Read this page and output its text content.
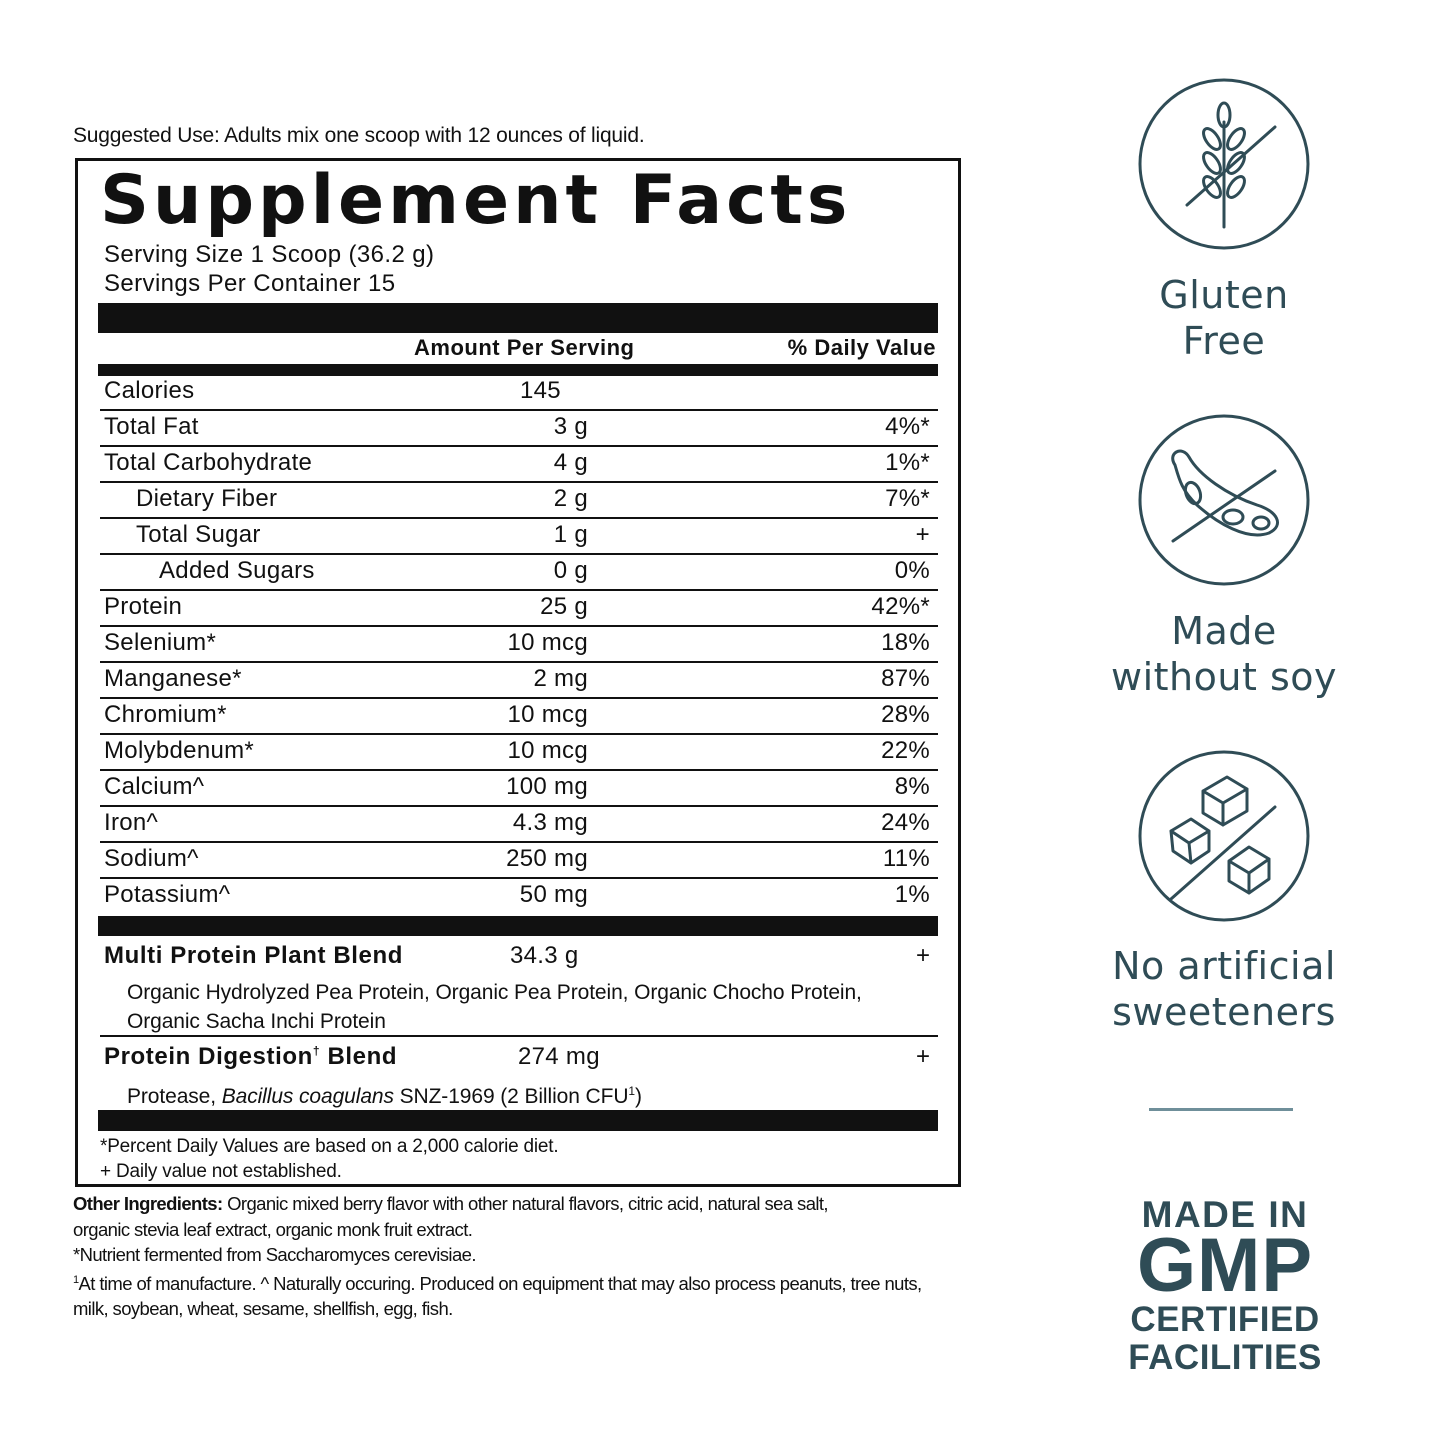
Suggested Use: Adults mix one scoop with 12 ounces of liquid.
Supplement Facts
Serving Size 1 Scoop (36.2 g)
Servings Per Container 15
Amount Per Serving	% Daily Value
Calories	145
Total Fat	3 g	4%*
Total Carbohydrate	4 g	1%*
Dietary Fiber	2 g	7%*
Total Sugar	1 g	+
Added Sugars	0 g	0%
Protein	25 g	42%*
Selenium*	10 mcg	18%
Manganese*	2 mg	87%
Chromium*	10 mcg	28%
Molybdenum*	10 mcg	22%
Calcium^	100 mg	8%
Iron^	4.3 mg	24%
Sodium^	250 mg	11%
Potassium^	50 mg	1%
Multi Protein Plant Blend	34.3 g	+
Organic Hydrolyzed Pea Protein, Organic Pea Protein, Organic Chocho Protein,
Organic Sacha Inchi Protein
Protein Digestion† Blend	274 mg	+
Protease, Bacillus coagulans SNZ-1969 (2 Billion CFU$^1$)
*Percent Daily Values are based on a 2,000 calorie diet.
+ Daily value not established.

Other Ingredients: Organic mixed berry flavor with other natural flavors, citric acid, natural sea salt,

organic stevia leaf extract, organic monk fruit extract.

*Nutrient fermented from Saccharomyces cerevisiae.

$^1$At time of manufacture. ^ Naturally occuring. Produced on equipment that may also process peanuts, tree nuts,

milk, soybean, wheat, sesame, shellfish, egg, fish.

Gluten
Free
Made
without soy
No artificial
sweeteners
MADE IN
GMP
CERTIFIED
FACILITIES
